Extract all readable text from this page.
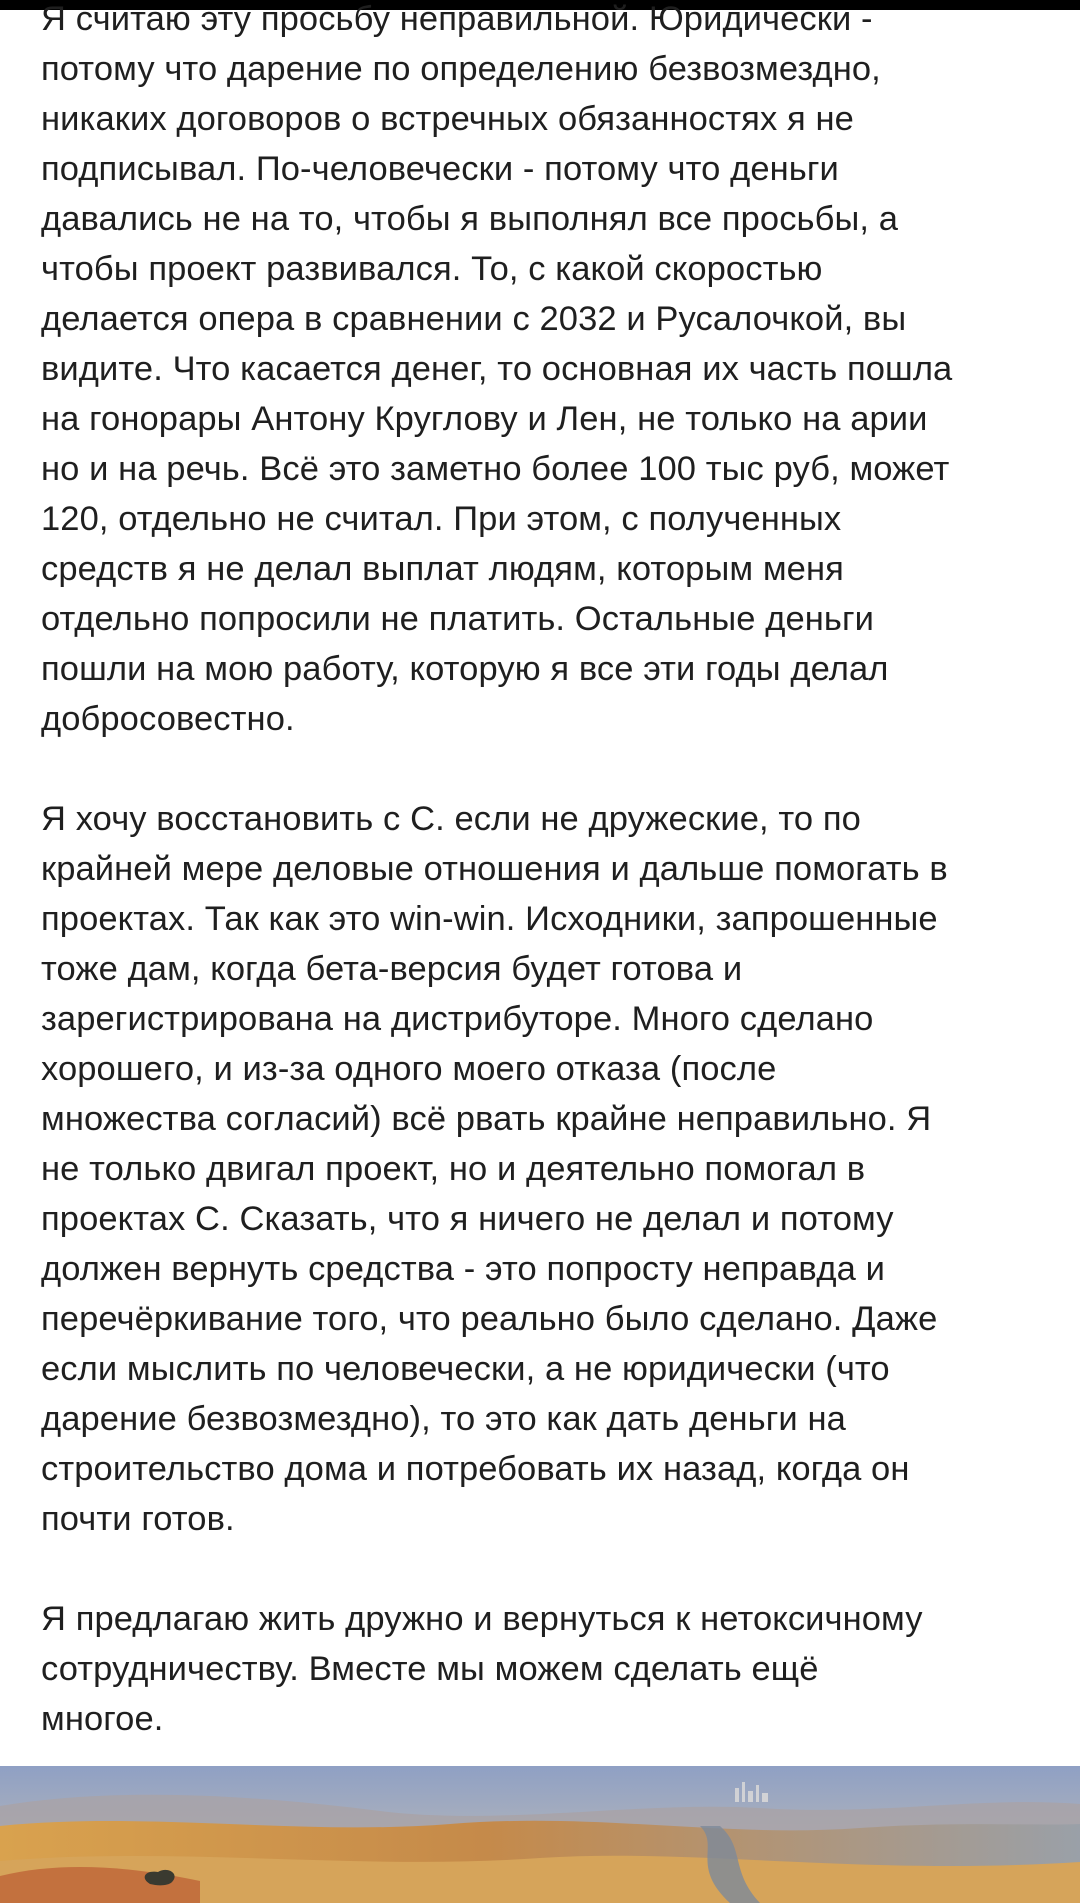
Я считаю эту просьбу неправильной. Юридически -
потому что дарение по определению безвозмездно,
никаких договоров о встречных обязанностях я не
подписывал. По-человечески - потому что деньги
давались не на то, чтобы я выполнял все просьбы, а
чтобы проект развивался. То, с какой скоростью
делается опера в сравнении с 2032 и Русалочкой, вы
видите. Что касается денег, то основная их часть пошла
на гонорары Антону Круглову и Лен, не только на арии
но и на речь. Всё это заметно более 100 тыс руб, может
120, отдельно не считал. При этом, с полученных
средств я не делал выплат людям, которым меня
отдельно попросили не платить. Остальные деньги
пошли на мою работу, которую я все эти годы делал
добросовестно.

Я хочу восстановить с С. если не дружеские, то по
крайней мере деловые отношения и дальше помогать в
проектах. Так как это win-win. Исходники, запрошенные
тоже дам, когда бета-версия будет готова и
зарегистрирована на дистрибуторе. Много сделано
хорошего, и из-за одного моего отказа (после
множества согласий) всё рвать крайне неправильно. Я
не только двигал проект, но и деятельно помогал в
проектах С. Сказать, что я ничего не делал и потому
должен вернуть средства - это попросту неправда и
перечёркивание того, что реально было сделано. Даже
если мыслить по человечески, а не юридически (что
дарение безвозмездно), то это как дать деньги на
строительство дома и потребовать их назад, когда он
почти готов.

Я предлагаю жить дружно и вернуться к нетоксичному
сотрудничеству. Вместе мы можем сделать ещё
многое.
